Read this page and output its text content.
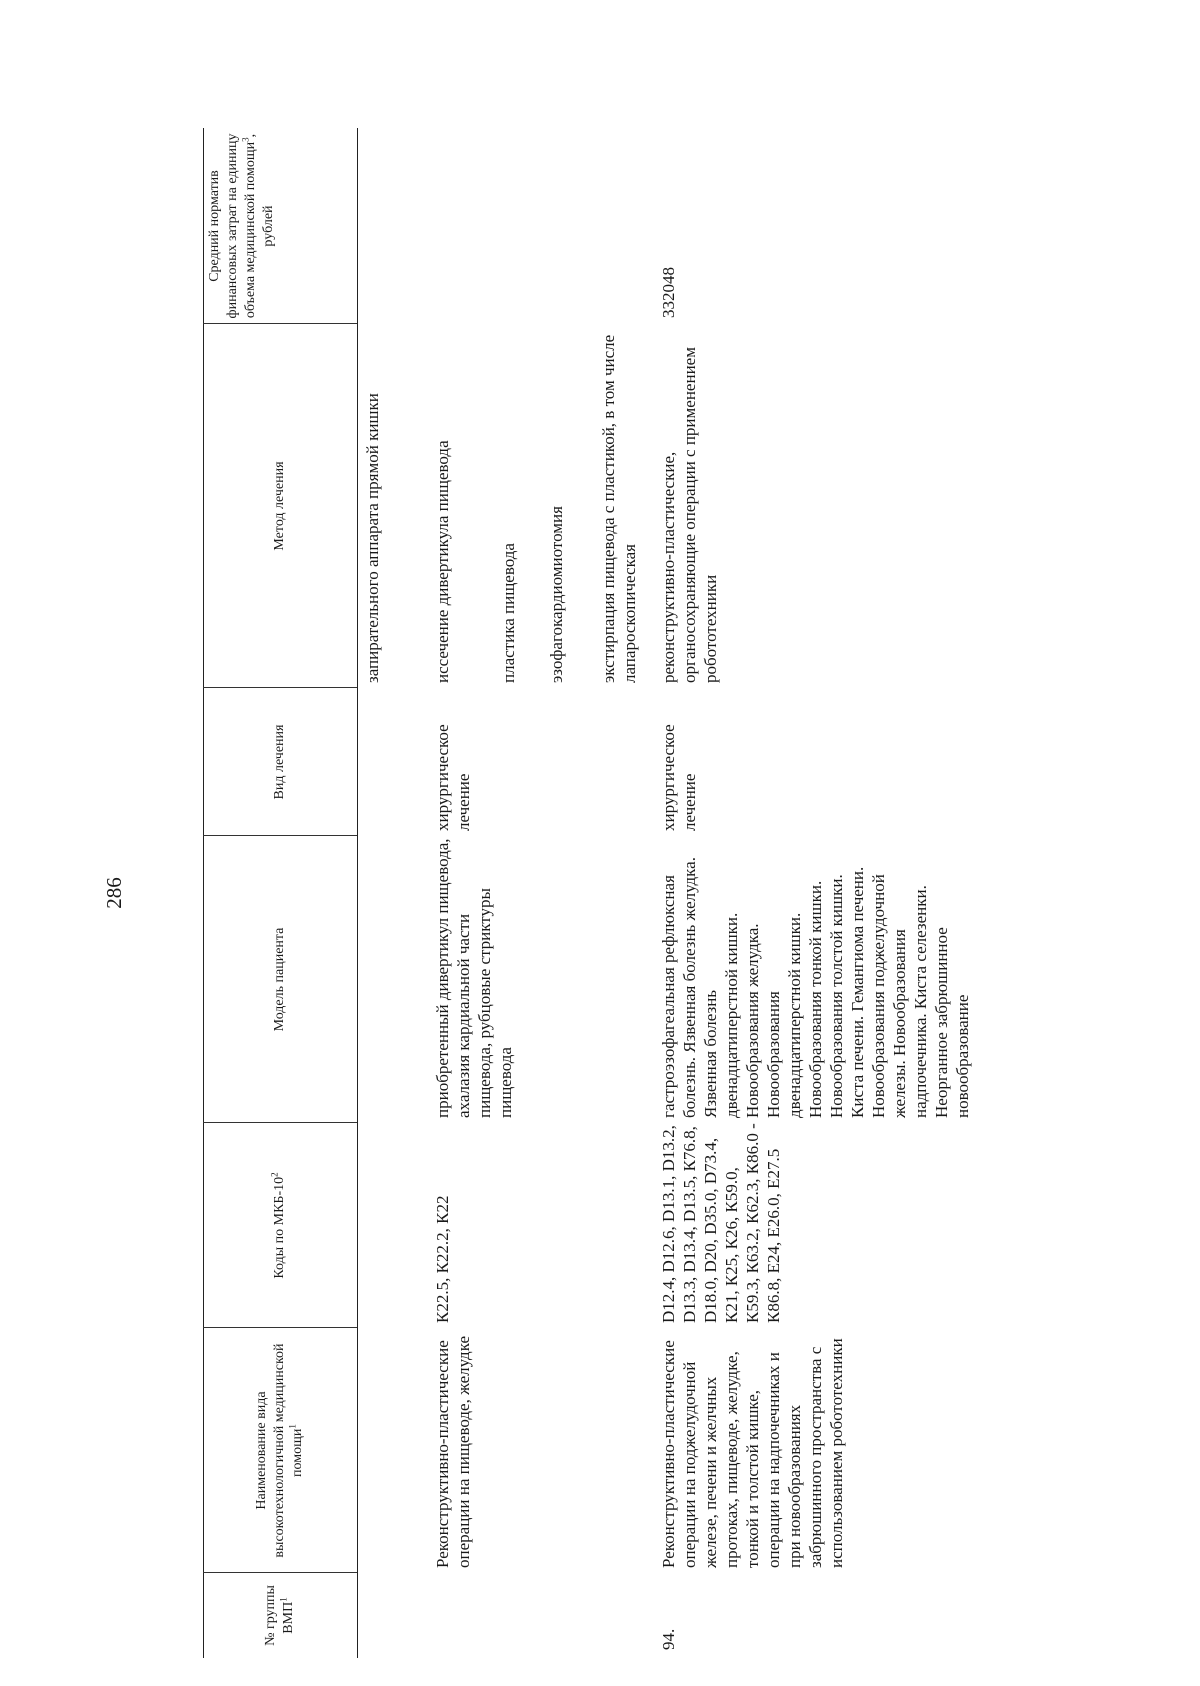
286
№ группы ВМП$^1$
Наименование вида высокотехнологичной медицинской помощи$^1$
Коды по МКБ-$10^2$
Модель пациента
Вид лечения
Метод лечения
Средний норматив финансовых затрат на единицу объема медицинской помощи$^3$, рублей
запирательного аппарата прямой кишки
Реконструктивно-пластические операции на пищеводе, желудке
К22.5, К22.2, К22
приобретенный дивертикул пищевода, ахалазия кардиальной части пищевода, рубцовые стриктуры пищевода
хирургическое лечение
иссечение дивертикула пищевода	пластика пищевода эзофагокардиомиотомия экстирпация пищевода с пластикой, в том числе лапароскопическая
94.
Реконструктивно-пластические операции на поджелудочной железе, печени и желчных протоках, пищеводе, желудке, тонкой и толстой кишке, операции на надпочечниках и при новообразованиях забрюшинного пространства с использованием робототехники
D12.4, D12.6, D13.1, D13.2, D13.3, D13.4, D13.5, К76.8, D18.0, D20, D35.0, D73.4, К21, К25, К26, К59.0, К59.3, К63.2, К62.3, К86.0 - К86.8, Е24, Е26.0, Е27.5
гастроэзофагеальная рефлюксная болезнь. Язвенная болезнь желудка. Язвенная болезнь двенадцатиперстной кишки. Новообразования желудка. Новообразования двенадцатиперстной кишки. Новообразования тонкой кишки. Новообразования толстой кишки. Киста печени. Гемангиома печени. Новообразования поджелудочной железы. Новообразования надпочечника. Киста селезенки. Неорганное забрюшинное новообразование
хирургическое лечение
реконструктивно-пластические, органосохраняющие операции с применением робототехники
332048
